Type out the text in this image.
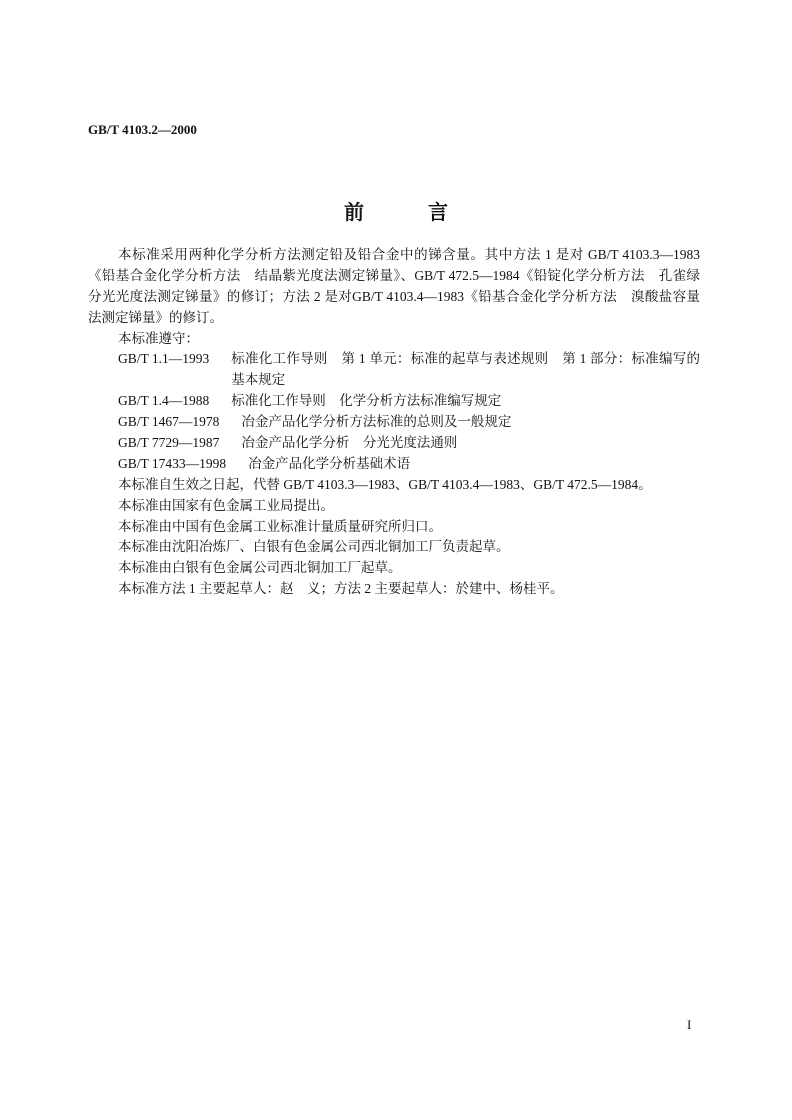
GB/T 4103.2—2000
前　　言
本标准采用两种化学分析方法测定铅及铅合金中的锑含量。其中方法 1 是对 GB/T 4103.3—1983
《铅基合金化学分析方法　结晶紫光度法测定锑量》、GB/T 472.5—1984《铅锭化学分析方法　孔雀绿
分光光度法测定锑量》的修订；方法 2 是对GB/T 4103.4—1983《铅基合金化学分析方法　溴酸盐容量
法测定锑量》的修订。
本标准遵守：
GB/T 1.1—1993 标准化工作导则　第 1 单元：标准的起草与表述规则　第 1 部分：标准编写的
基本规定
GB/T 1.4—1988 标准化工作导则　化学分析方法标准编写规定
GB/T 1467—1978 冶金产品化学分析方法标准的总则及一般规定
GB/T 7729—1987 冶金产品化学分析　分光光度法通则
GB/T 17433—1998 冶金产品化学分析基础术语
本标准自生效之日起，代替 GB/T 4103.3—1983、GB/T 4103.4—1983、GB/T 472.5—1984。
本标准由国家有色金属工业局提出。
本标准由中国有色金属工业标准计量质量研究所归口。
本标准由沈阳冶炼厂、白银有色金属公司西北铜加工厂负责起草。
本标准由白银有色金属公司西北铜加工厂起草。
本标准方法 1 主要起草人：赵　义；方法 2 主要起草人：於建中、杨桂平。
I
